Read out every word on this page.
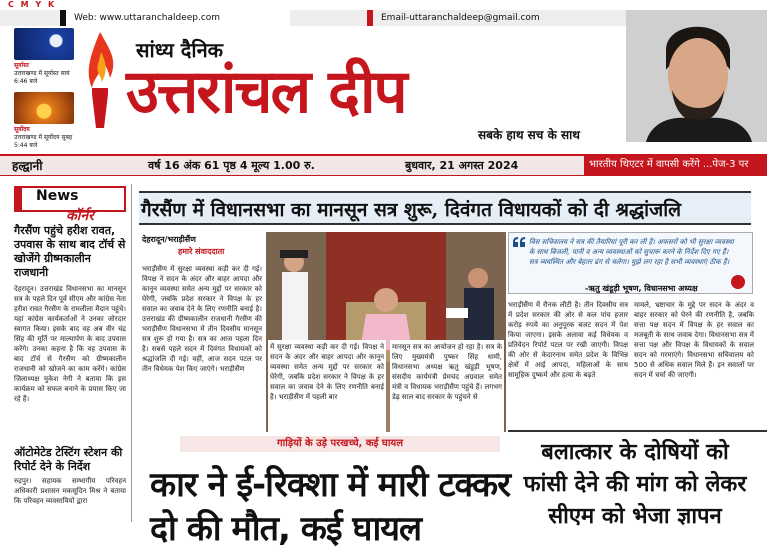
C M Y K
Web: www.uttaranchaldeep.com	Email-uttaranchaldeep@gmail.com
सूर्यास्त
उत्तराखण्ड में सूर्यास्त सायं 6:46 बजे
सूर्योदय
उत्तराखण्ड में सूर्योदय सुबह 5:44 बजे
सांध्य दैनिक
उत्तरांचल दीप
सबके हाथ सच के साथ
हल्द्वानी	वर्ष 16 अंक 61 पृष्ठ 4 मूल्य 1.00 रु.	बुधवार, 21 अगस्त 2024	भारतीय थिएटर में वापसी करेंगे ...पेज-3 पर
News
कॉर्नर
गैरसैंण पहुंचे हरीश रावत, उपवास के साथ बाद टॉर्च से खोजेंगे ग्रीष्मकालीन राजधानी
देहरादून। उत्तराखंड विधानसभा का मानसून सत्र के पहले दिन पूर्व सीएम और कांग्रेस नेता हरीश रावत गैरसैंण के रामलीला मैदान पहुंचे। यहां कांग्रेस कार्यकर्ताओं ने उनका जोरदार स्वागत किया। इसके बाद वह अब वीर चंद्र सिंह की मूर्ति पर माल्यार्पण के बाद उपवास करेंगे। उनका कहना है कि वह उपवास के बाद टॉर्च से गैरसैंण को ग्रीष्मकालीन राजधानी को खोजने का काम करेंगे। कांग्रेस जिलाध्यक्ष मुकेश नेगी ने बताया कि इस कार्यक्रम को सफल बनाने के प्रयास किए जा रहे हैं।
ऑटोमेटेड टेस्टिंग स्टेशन की रिपोर्ट देने के निर्देश
रुद्रपुर। सहायक सम्भागीय परिवहन अधिकारी प्रशासन मकसूदिन मिश्र ने बताया कि परिवहन व्यवसायियों द्वारा
गैरसैंण में विधानसभा का मानसून सत्र शुरू, दिवंगत विधायकों को दी श्रद्धांजलि
देहरादून/भराड़ीसैंण
हमारे संवाददाता
भराड़ीसैंण में सुरक्षा व्यवस्था कड़ी कर दी गई। विपक्ष ने सदन के अंदर और बाहर आपदा और कानून व्यवस्था समेत अन्य मुद्दों पर सरकार को घेरेगी, जबकि प्रदेश सरकार ने विपक्ष के हर सवाल का जवाब देने के लिए रणनीति बनाई है। उत्तराखंड की ग्रीष्मकालीन राजधानी गैरसैंण की भराड़ीसैंण विधानसभा में तीन दिवसीय मानसून सत्र शुरू हो गया है। सत्र का आज पहला दिन है। सबसे पहले सदन में दिवंगत विधायकों को श्रद्धांजलि दी गई। वहीं, आज सदन पटल पर तीन विधेयक पेश किए जाएंगे। भराड़ीसैंण
में सुरक्षा व्यवस्था कड़ी कर दी गई। विपक्ष ने सदन के अंदर और बाहर आपदा और कानून व्यवस्था समेत अन्य मुद्दों पर सरकार को घेरेगी, जबकि प्रदेश सरकार ने विपक्ष के हर सवाल का जवाब देने के लिए रणनीति बनाई है। भराड़ीसैंण में पहली बार
मानसून सत्र का आयोजन हो रहा है। सत्र के लिए मुख्यमंत्री पुष्कर सिंह धामी, विधानसभा अध्यक्ष ऋतु खंडूड़ी भूषण, संसदीय कार्यमंत्री प्रेमचंद अग्रवाल समेत मंत्री व विधायक भराड़ीसैंण पहुंचे हैं। लगभग डेढ़ साल बाद सरकार के पहुंचने से
विस सचिवालय ने सत्र की तैयारियां पूरी कर ली हैं। अफसरों को भी सुरक्षा व्यवस्था के साथ बिजली, पानी व अन्य व्यवस्थाओं को सुचारू करने के निर्देश दिए गए हैं। सत्र व्यवस्थित और बेहतर ढंग से चलेगा। मुझे लग रहा है सभी व्यवस्थाएं ठीक हैं।
-ऋतु खंडूड़ी भूषण, विधानसभा अध्यक्ष
भराड़ीसैंण में रौनक लौटी है। तीन दिवसीय सत्र में प्रदेश सरकार की ओर से कल पांच हजार करोड़ रुपये का अनुपूरक बजट सदन में पेश किया जाएगा। इसके अलावा कई विधेयक व प्रतिवेदन रिपोर्ट पटल पर रखी जाएगी। विपक्ष की ओर से केदारनाथ समेत प्रदेश के विभिन्न क्षेत्रों में आई आपदा, महिलाओं के साथ सामूहिक दुष्कर्म और हत्या के बढ़ते
मामले, भ्रष्टाचार के मुद्दे पर सदन के अंदर व बाहर सरकार को घेरने की रणनीति है, जबकि सत्ता पक्ष सदन में विपक्ष के हर सवाल का मजबूती के साथ जवाब देगा। विधानसभा सत्र में सत्ता पक्ष और विपक्ष के विधायकों के सवाल सदन को गरमाएंगे। विधानसभा सचिवालय को 500 से अधिक सवाल मिले हैं। इन सवालों पर सदन में चर्चा की जाएगी।
गाड़ियों के उड़े परखच्चे, कई घायल
कार ने ई-रिक्शा में मारी टक्कर
दो की मौत, कई घायल
बलात्कार के दोषियों को
फांसी देने की मांग को लेकर
सीएम को भेजा ज्ञापन
